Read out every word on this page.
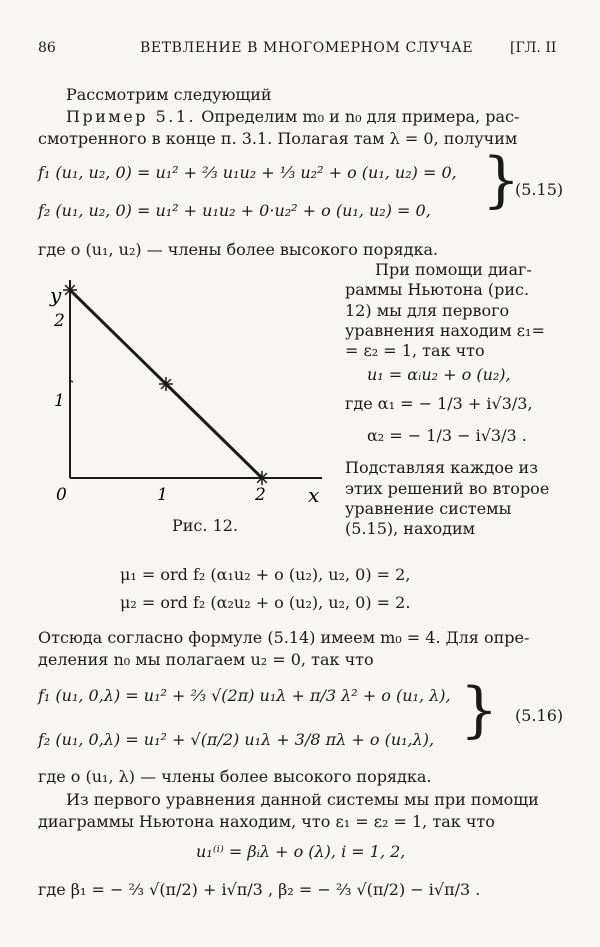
86	ВЕТВЛЕНИЕ В МНОГОМЕРНОМ СЛУЧАЕ	[ГЛ. II
Рассмотрим следующий
Пример 5.1. Определим m₀ и n₀ для примера, рас-
смотренного в конце п. 3.1. Полагая там λ = 0, получим
f₁ (u₁, u₂, 0) = u₁² + ⅔ u₁u₂ + ⅓ u₂² + o (u₁, u₂) = 0,
f₂ (u₁, u₂, 0) = u₁² + u₁u₂ + 0·u₂² + o (u₁, u₂) = 0, }
(5.15)
где o (u₁, u₂) — члены более высокого порядка.
y
x
0	1	2
1
2
Рис. 12.
При помощи диаг-
раммы Ньютона (рис.
12) мы для первого
уравнения находим ε₁=
= ε₂ = 1, так что
u₁ = αᵢu₂ + o (u₂),
где α₁ = − 1/3 + i√3/3,
α₂ = − 1/3 − i√3/3 .
Подставляя каждое из
этих решений во второе
уравнение системы
(5.15), находим
μ₁ = ord f₂ (α₁u₂ + o (u₂), u₂, 0) = 2,
μ₂ = ord f₂ (α₂u₂ + o (u₂), u₂, 0) = 2.
Отсюда согласно формуле (5.14) имеем m₀ = 4. Для опре-
деления n₀ мы полагаем u₂ = 0, так что
f₁ (u₁, 0,λ) = u₁² + ⅔ √(2π) u₁λ + π/3 λ² + o (u₁, λ),
f₂ (u₁, 0,λ) = u₁² + √(π/2) u₁λ + 3/8 πλ + o (u₁,λ), } (5.16)
где o (u₁, λ) — члены более высокого порядка.
Из первого уравнения данной системы мы при помощи
диаграммы Ньютона находим, что ε₁ = ε₂ = 1, так что
u₁⁽ⁱ⁾ = βᵢλ + o (λ), i = 1, 2,
где β₁ = − ⅔ √(π/2) + i√π/3 , β₂ = − ⅔ √(π/2) − i√π/3 .
